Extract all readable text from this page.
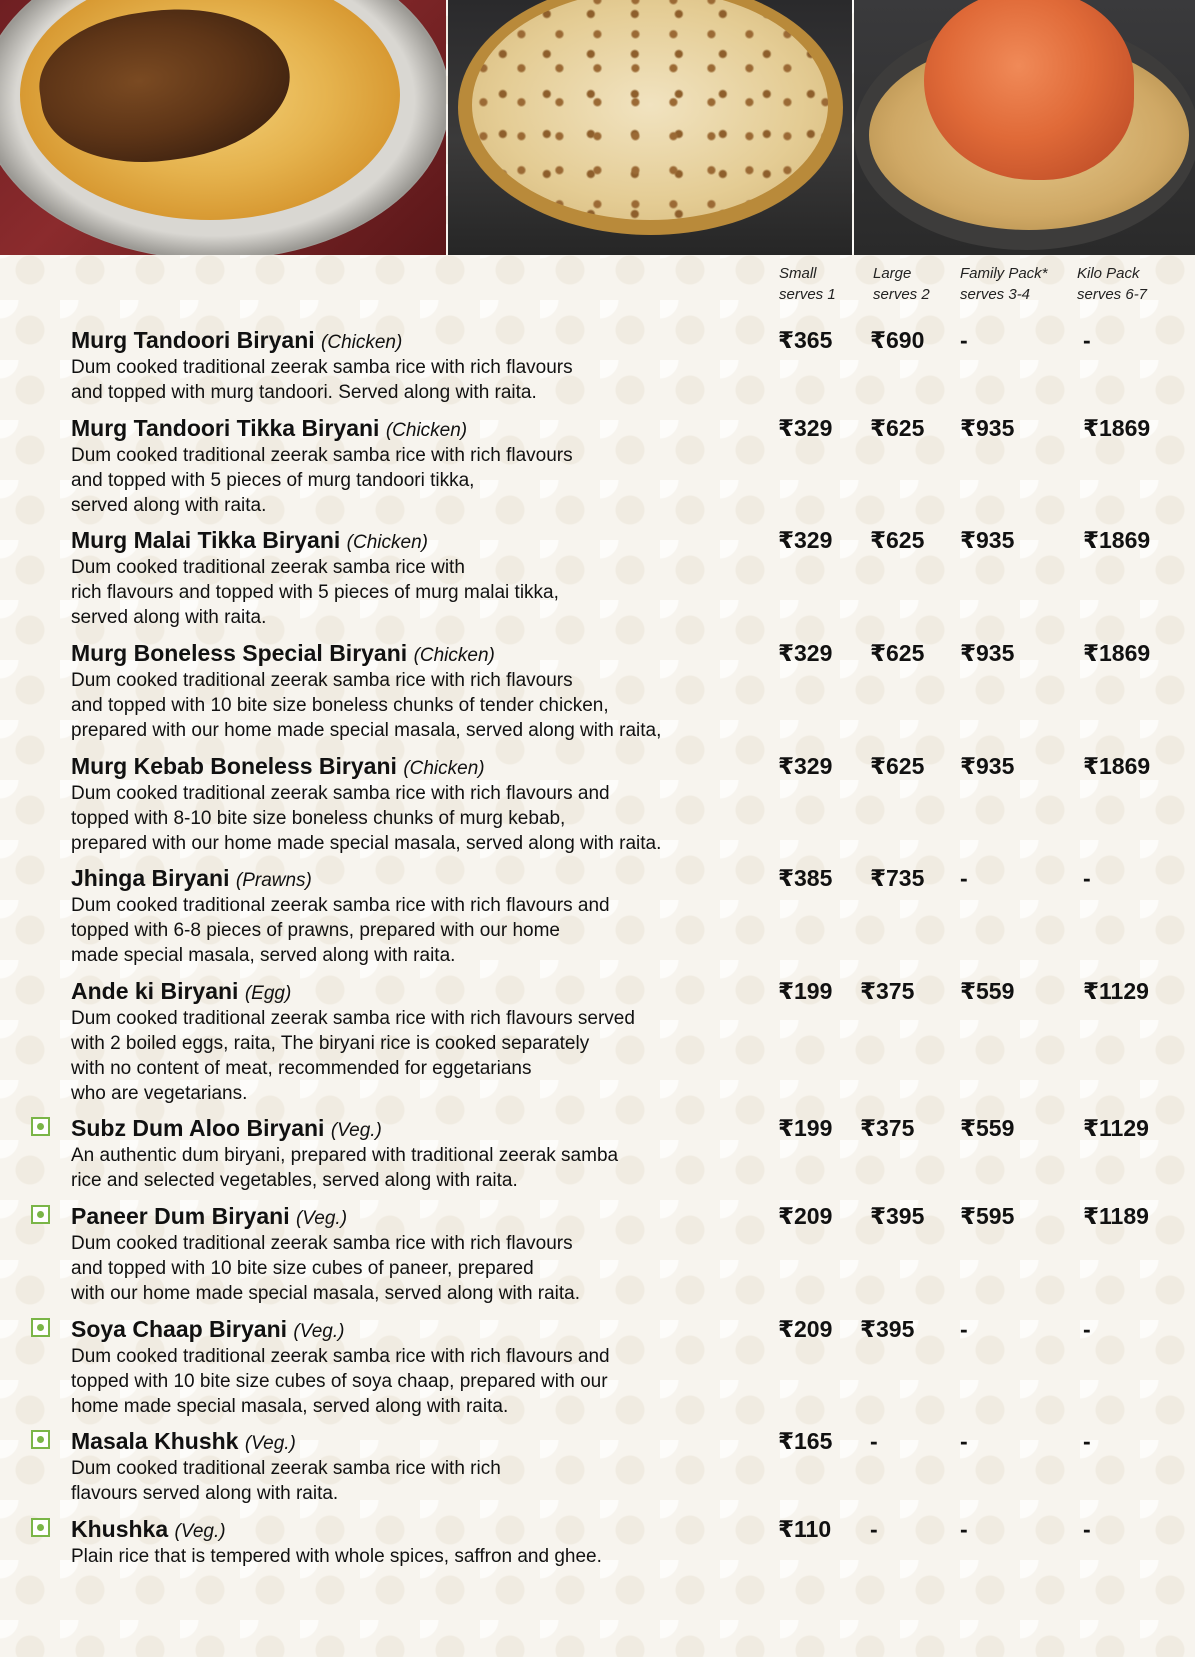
Small
serves 1
Large
serves 2
Family Pack*
serves 3-4
Kilo Pack
serves 6-7
Murg Tandoori Biryani (Chicken)
Dum cooked traditional zeerak samba rice with rich flavours
and topped with murg tandoori. Served along with raita.
₹365 ₹690 -	-
Murg Tandoori Tikka Biryani (Chicken)
Dum cooked traditional zeerak samba rice with rich flavours
and topped with 5 pieces of murg tandoori tikka,
served along with raita.
₹329 ₹625 ₹935	₹1869
Murg Malai Tikka Biryani (Chicken)
Dum cooked traditional zeerak samba rice with
rich flavours and topped with 5 pieces of murg malai tikka,
served along with raita.
₹329 ₹625 ₹935	₹1869
Murg Boneless Special Biryani (Chicken)
Dum cooked traditional zeerak samba rice with rich flavours
and topped with 10 bite size boneless chunks of tender chicken,
prepared with our home made special masala, served along with raita,
₹329 ₹625 ₹935	₹1869
Murg Kebab Boneless Biryani (Chicken)
Dum cooked traditional zeerak samba rice with rich flavours and
topped with 8-10 bite size boneless chunks of murg kebab,
prepared with our home made special masala, served along with raita.
₹329 ₹625 ₹935	₹1869
Jhinga Biryani (Prawns)
Dum cooked traditional zeerak samba rice with rich flavours and
topped with 6-8 pieces of prawns, prepared with our home
made special masala, served along with raita.
₹385 ₹735 -	-
Ande ki Biryani (Egg)
Dum cooked traditional zeerak samba rice with rich flavours served
with 2 boiled eggs, raita, The biryani rice is cooked separately
with no content of meat, recommended for eggetarians
who are vegetarians.
₹199 ₹375 ₹559	₹1129
Subz Dum Aloo Biryani (Veg.)
An authentic dum biryani, prepared with traditional zeerak samba
rice and selected vegetables, served along with raita.
₹199 ₹375 ₹559	₹1129
Paneer Dum Biryani (Veg.)
Dum cooked traditional zeerak samba rice with rich flavours
and topped with 10 bite size cubes of paneer, prepared
with our home made special masala, served along with raita.
₹209 ₹395 ₹595	₹1189
Soya Chaap Biryani (Veg.)
Dum cooked traditional zeerak samba rice with rich flavours and
topped with 10 bite size cubes of soya chaap, prepared with our
home made special masala, served along with raita.
₹209 ₹395 -	-
Masala Khushk (Veg.)
Dum cooked traditional zeerak samba rice with rich
flavours served along with raita.
₹165 -	-	-
Khushka (Veg.)
Plain rice that is tempered with whole spices, saffron and ghee.
₹110 -	-	-
